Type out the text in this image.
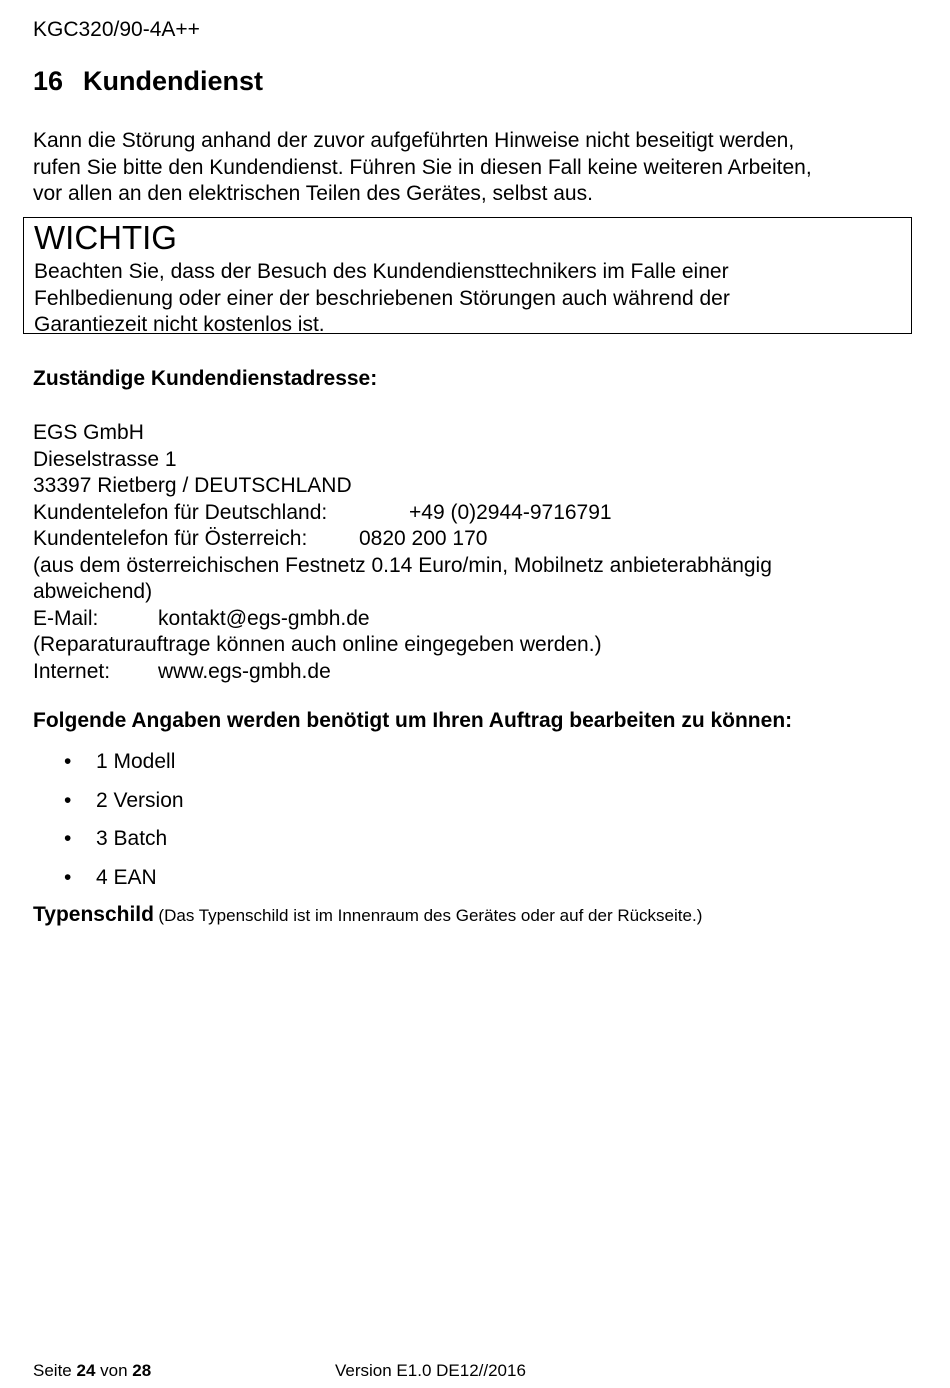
KGC320/90-4A++
16 Kundendienst
Kann die Störung anhand der zuvor aufgeführten Hinweise nicht beseitigt werden,
rufen Sie bitte den Kundendienst. Führen Sie in diesen Fall keine weiteren Arbeiten,
vor allen an den elektrischen Teilen des Gerätes, selbst aus.
WICHTIG
Beachten Sie, dass der Besuch des Kundendiensttechnikers im Falle einer
Fehlbedienung oder einer der beschriebenen Störungen auch während der
Garantiezeit nicht kostenlos ist.
Zuständige Kundendienstadresse:
EGS GmbH
Dieselstrasse 1
33397 Rietberg / DEUTSCHLAND
Kundentelefon für Deutschland:	+49 (0)2944-9716791
Kundentelefon für Österreich: 0820 200 170
(aus dem österreichischen Festnetz 0.14 Euro/min, Mobilnetz anbieterabhängig
abweichend)
E-Mail:	kontakt@egs-gmbh.de
(Reparaturauftrage können auch online eingegeben werden.)
Internet: www.egs-gmbh.de
Folgende Angaben werden benötigt um Ihren Auftrag bearbeiten zu können:
• 1 Modell
• 2 Version
• 3 Batch
• 4 EAN
Typenschild (Das Typenschild ist im Innenraum des Gerätes oder auf der Rückseite.)
Seite 24 von 28	Version E1.0 DE12//2016
